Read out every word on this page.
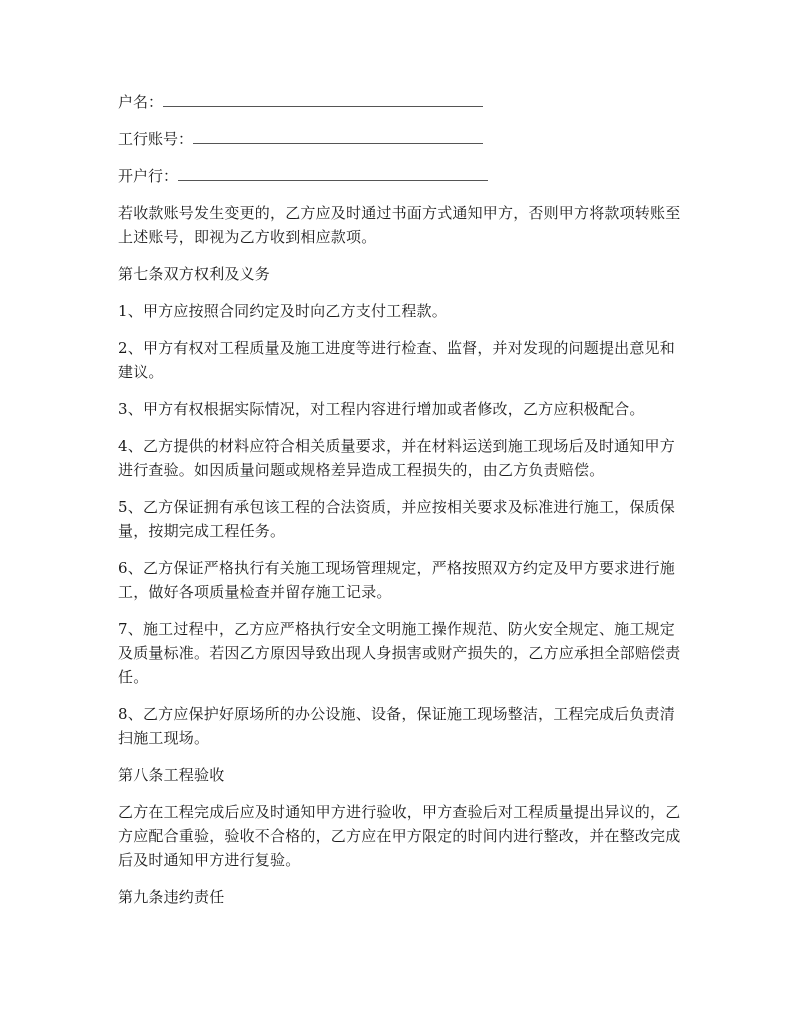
户名：
工行账号：
开户行：

若收款账号发生变更的，乙方应及时通过书面方式通知甲方，否则甲方将款项转账至上述账号，即视为乙方收到相应款项。

第七条双方权利及义务

1、甲方应按照合同约定及时向乙方支付工程款。

2、甲方有权对工程质量及施工进度等进行检查、监督，并对发现的问题提出意见和建议。

3、甲方有权根据实际情况，对工程内容进行增加或者修改，乙方应积极配合。

4、乙方提供的材料应符合相关质量要求，并在材料运送到施工现场后及时通知甲方进行查验。如因质量问题或规格差异造成工程损失的，由乙方负责赔偿。

5、乙方保证拥有承包该工程的合法资质，并应按相关要求及标准进行施工，保质保量，按期完成工程任务。

6、乙方保证严格执行有关施工现场管理规定，严格按照双方约定及甲方要求进行施工，做好各项质量检查并留存施工记录。

7、施工过程中，乙方应严格执行安全文明施工操作规范、防火安全规定、施工规定及质量标准。若因乙方原因导致出现人身损害或财产损失的，乙方应承担全部赔偿责任。

8、乙方应保护好原场所的办公设施、设备，保证施工现场整洁，工程完成后负责清扫施工现场。

第八条工程验收

乙方在工程完成后应及时通知甲方进行验收，甲方查验后对工程质量提出异议的，乙方应配合重验，验收不合格的，乙方应在甲方限定的时间内进行整改，并在整改完成后及时通知甲方进行复验。

第九条违约责任
